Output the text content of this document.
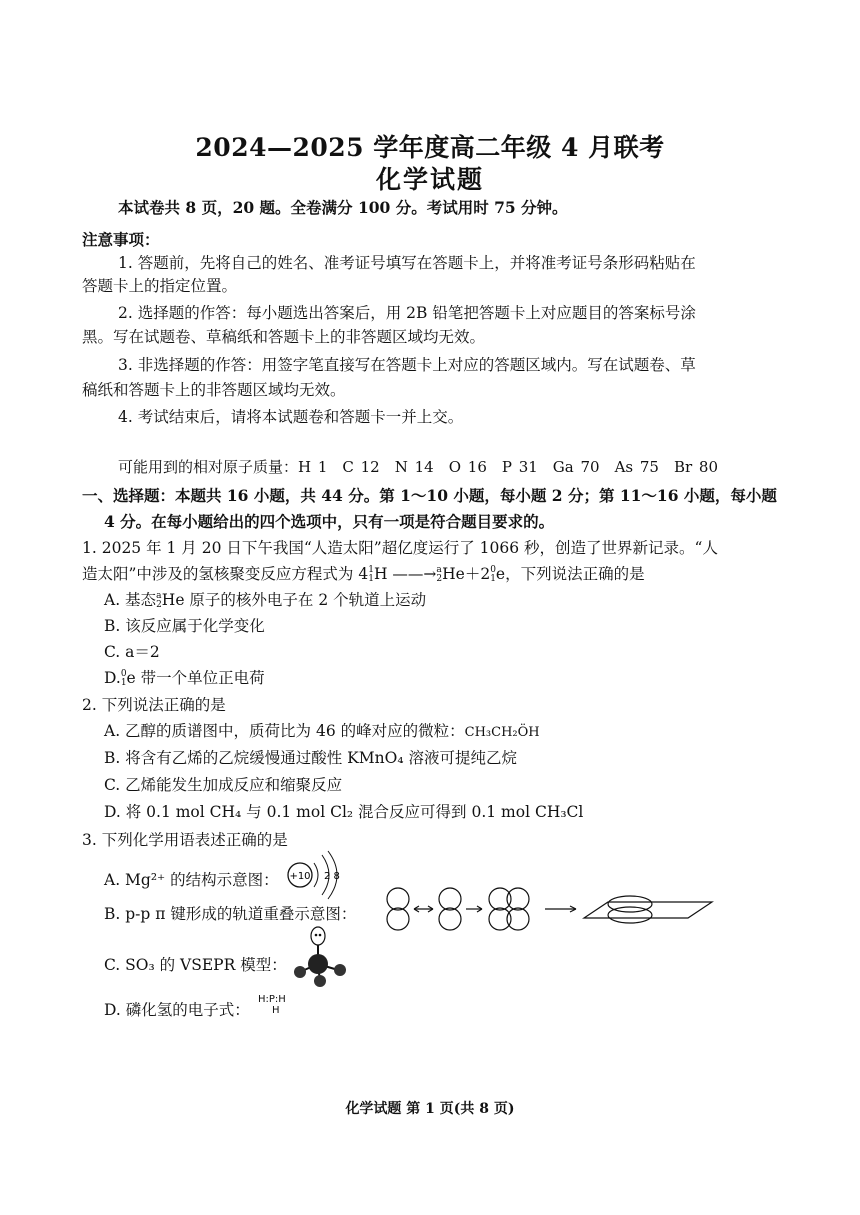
2024—2025 学年度高二年级 4 月联考
化学试题
本试卷共 8 页，20 题。全卷满分 100 分。考试用时 75 分钟。
注意事项：
1. 答题前，先将自己的姓名、准考证号填写在答题卡上，并将准考证号条形码粘贴在
答题卡上的指定位置。
2. 选择题的作答：每小题选出答案后，用 2B 铅笔把答题卡上对应题目的答案标号涂
黑。写在试题卷、草稿纸和答题卡上的非答题区域均无效。
3. 非选择题的作答：用签字笔直接写在答题卡上对应的答题区域内。写在试题卷、草
稿纸和答题卡上的非答题区域均无效。
4. 考试结束后，请将本试题卷和答题卡一并上交。
可能用到的相对原子质量：H 1　C 12　N 14　O 16　P 31　Ga 70　As 75　Br 80
一、选择题：本题共 16 小题，共 44 分。第 1～10 小题，每小题 2 分；第 11～16 小题，每小题
4 分。在每小题给出的四个选项中，只有一项是符合题目要求的。
1. 2025 年 1 月 20 日下午我国“人造太阳”超亿度运行了 1066 秒，创造了世界新记录。“人
造太阳”中涉及的氢核聚变反应方程式为 41
1H ——→a
2He＋20
1e，下列说法正确的是
A. 基态a
2He 原子的核外电子在 2 个轨道上运动
B. 该反应属于化学变化
C. a＝2
D.0
1e 带一个单位正电荷
2. 下列说法正确的是
A. 乙醇的质谱图中，质荷比为 46 的峰对应的微粒：CH₃CH₂ÖH
B. 将含有乙烯的乙烷缓慢通过酸性 KMnO₄ 溶液可提纯乙烷
C. 乙烯能发生加成反应和缩聚反应
D. 将 0.1 mol CH₄ 与 0.1 mol Cl₂ 混合反应可得到 0.1 mol CH₃Cl
3. 下列化学用语表述正确的是
A. Mg²⁺ 的结构示意图： +10 2 8
B. p-p π 键形成的轨道重叠示意图：
C. SO₃ 的 VSEPR 模型：
D. 磷化氢的电子式：
H:P:H
H
化学试题 第 1 页(共 8 页)
